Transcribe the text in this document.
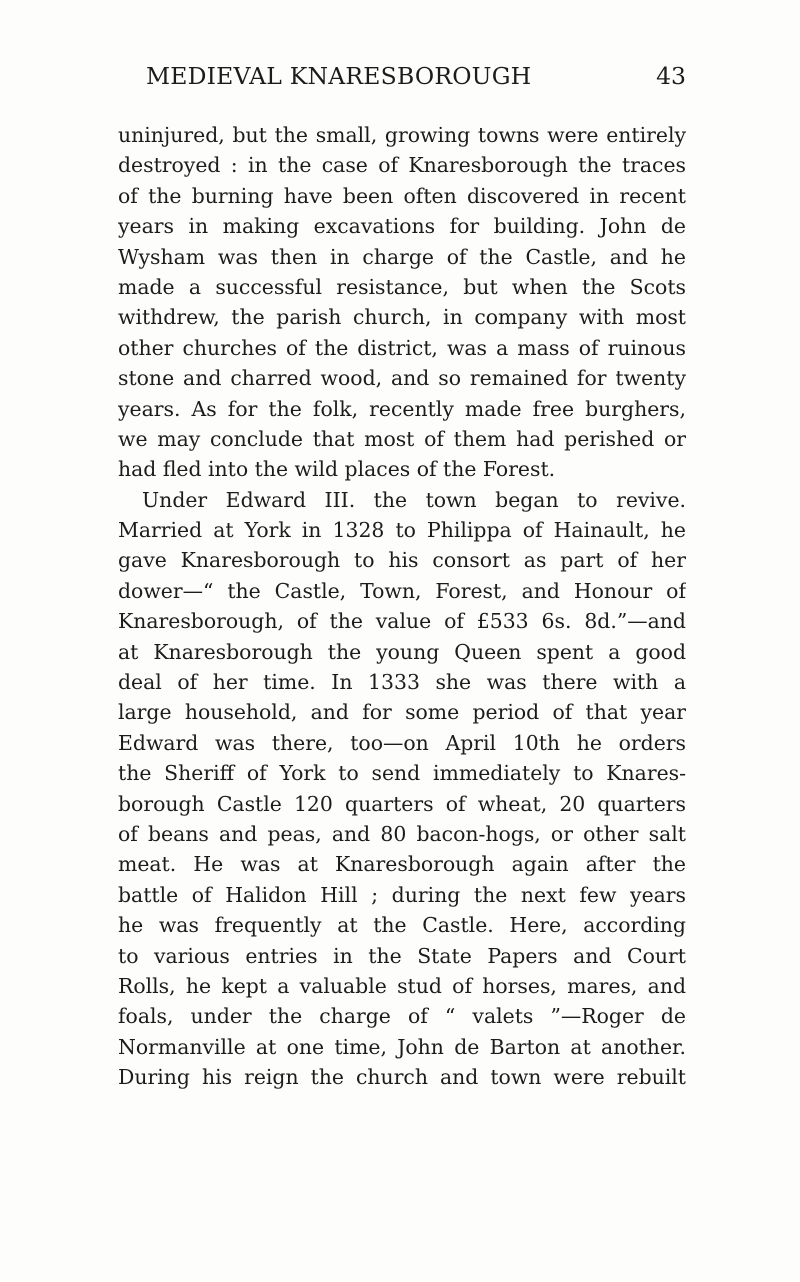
MEDIEVAL KNARESBOROUGH	43
uninjured, but the small, growing towns were entirely
destroyed : in the case of Knaresborough the traces
of the burning have been often discovered in recent
years in making excavations for building. John de
Wysham was then in charge of the Castle, and he
made a successful resistance, but when the Scots
withdrew, the parish church, in company with most
other churches of the district, was a mass of ruinous
stone and charred wood, and so remained for twenty
years. As for the folk, recently made free burghers,
we may conclude that most of them had perished or
had fled into the wild places of the Forest.
Under Edward III. the town began to revive.
Married at York in 1328 to Philippa of Hainault, he
gave Knaresborough to his consort as part of her
dower—“ the Castle, Town, Forest, and Honour of
Knaresborough, of the value of £533 6s. 8d.”—and
at Knaresborough the young Queen spent a good
deal of her time. In 1333 she was there with a
large household, and for some period of that year
Edward was there, too—on April 10th he orders
the Sheriff of York to send immediately to Knares-
borough Castle 120 quarters of wheat, 20 quarters
of beans and peas, and 80 bacon-hogs, or other salt
meat. He was at Knaresborough again after the
battle of Halidon Hill ; during the next few years
he was frequently at the Castle. Here, according
to various entries in the State Papers and Court
Rolls, he kept a valuable stud of horses, mares, and
foals, under the charge of “ valets ”—Roger de
Normanville at one time, John de Barton at another.
During his reign the church and town were rebuilt
